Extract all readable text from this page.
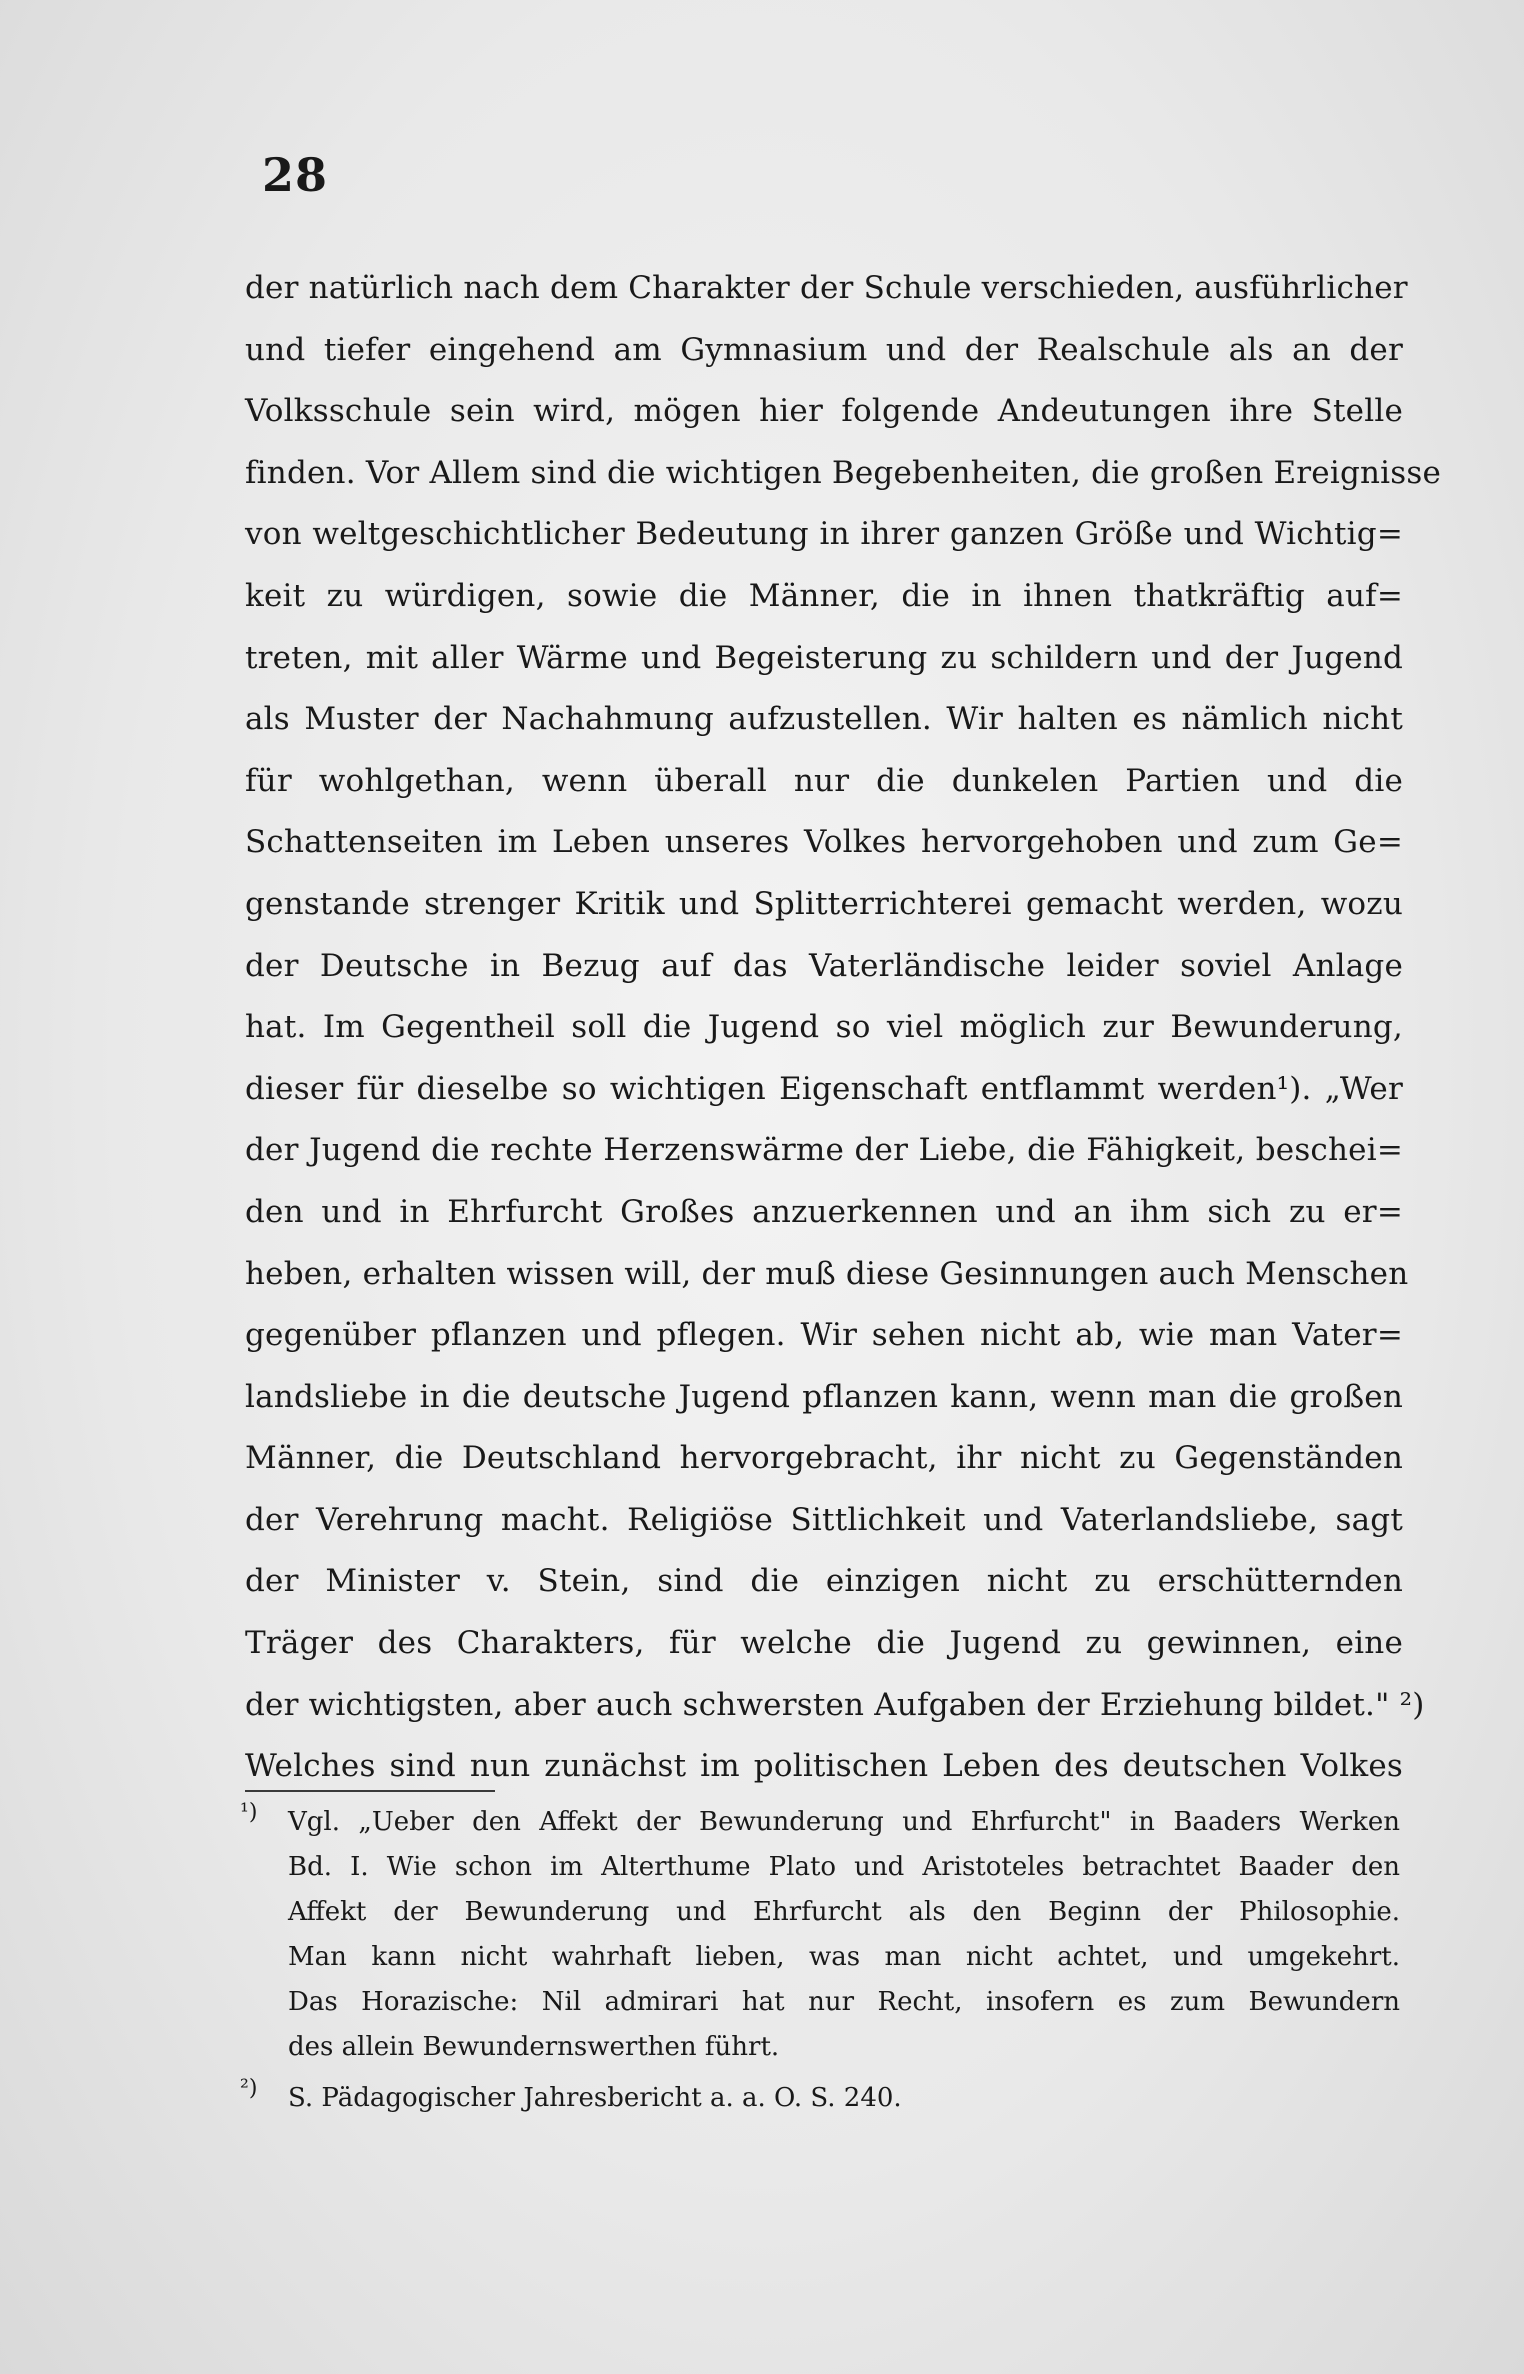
28
der natürlich nach dem Charakter der Schule verschieden, ausführlicher
und tiefer eingehend am Gymnasium und der Realschule als an der
Volksschule sein wird, mögen hier folgende Andeutungen ihre Stelle
finden. Vor Allem sind die wichtigen Begebenheiten, die großen Ereignisse
von weltgeschichtlicher Bedeutung in ihrer ganzen Größe und Wichtig=
keit zu würdigen, sowie die Männer, die in ihnen thatkräftig auf=
treten, mit aller Wärme und Begeisterung zu schildern und der Jugend
als Muster der Nachahmung aufzustellen. Wir halten es nämlich nicht
für wohlgethan, wenn überall nur die dunkelen Partien und die
Schattenseiten im Leben unseres Volkes hervorgehoben und zum Ge=
genstande strenger Kritik und Splitterrichterei gemacht werden, wozu
der Deutsche in Bezug auf das Vaterländische leider soviel Anlage
hat. Im Gegentheil soll die Jugend so viel möglich zur Bewunderung,
dieser für dieselbe so wichtigen Eigenschaft entflammt werden¹). „Wer
der Jugend die rechte Herzenswärme der Liebe, die Fähigkeit, beschei=
den und in Ehrfurcht Großes anzuerkennen und an ihm sich zu er=
heben, erhalten wissen will, der muß diese Gesinnungen auch Menschen
gegenüber pflanzen und pflegen. Wir sehen nicht ab, wie man Vater=
landsliebe in die deutsche Jugend pflanzen kann, wenn man die großen
Männer, die Deutschland hervorgebracht, ihr nicht zu Gegenständen
der Verehrung macht. Religiöse Sittlichkeit und Vaterlandsliebe, sagt
der Minister v. Stein, sind die einzigen nicht zu erschütternden
Träger des Charakters, für welche die Jugend zu gewinnen, eine
der wichtigsten, aber auch schwersten Aufgaben der Erziehung bildet." ²)
Welches sind nun zunächst im politischen Leben des deutschen Volkes
¹)	Vgl. „Ueber den Affekt der Bewunderung und Ehrfurcht" in Baaders Werken
Bd. I. Wie schon im Alterthume Plato und Aristoteles betrachtet Baader den
Affekt der Bewunderung und Ehrfurcht als den Beginn der Philosophie.
Man kann nicht wahrhaft lieben, was man nicht achtet, und umgekehrt.
Das Horazische: Nil admirari hat nur Recht, insofern es zum Bewundern
des allein Bewundernswerthen führt.
²)	S. Pädagogischer Jahresbericht a. a. O. S. 240.
